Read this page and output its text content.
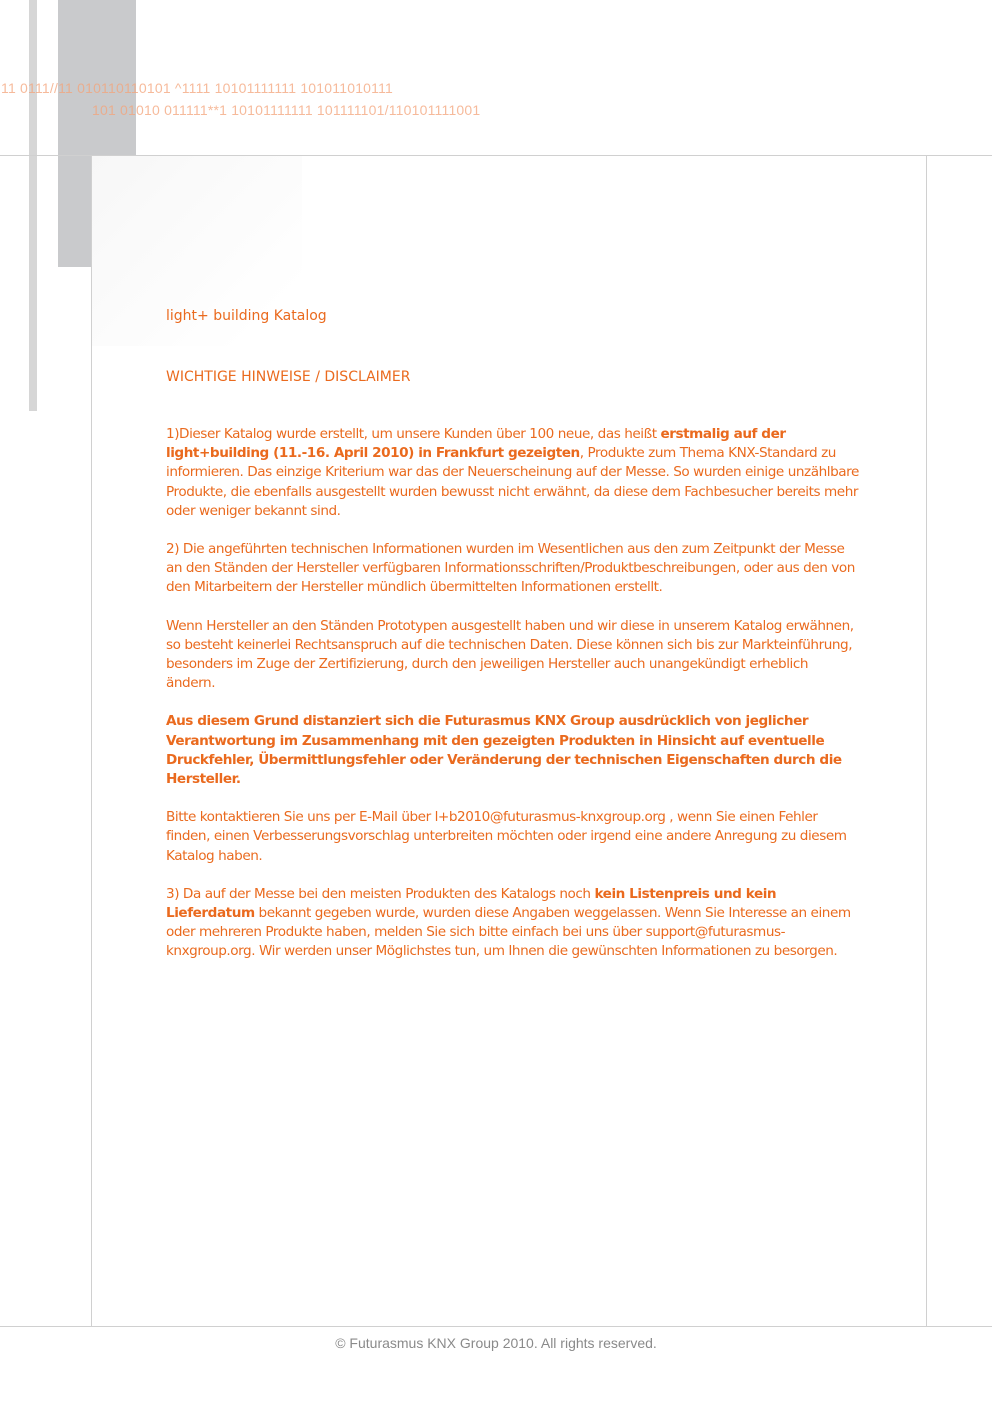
11 0111//11 010110110101 ^1111 10101111111 101011010111
101 01010 011111**1 10101111111 101111101/110101111001
light+ building Katalog
WICHTIGE HINWEISE / DISCLAIMER

1)Dieser Katalog wurde erstellt, um unsere Kunden über 100 neue, das heißt erstmalig auf der light+building (11.-16. April 2010) in Frankfurt gezeigten, Produkte zum Thema KNX-Standard zu informieren. Das einzige Kriterium war das der Neuerscheinung auf der Messe. So wurden einige unzählbare Produkte, die ebenfalls ausgestellt wurden bewusst nicht erwähnt, da diese dem Fachbesucher bereits mehr oder weniger bekannt sind.

2) Die angeführten technischen Informationen wurden im Wesentlichen aus den zum Zeitpunkt der Messe an den Ständen der Hersteller verfügbaren Informationsschriften/Produktbeschreibungen, oder aus den von den Mitarbeitern der Hersteller mündlich übermittelten Informationen erstellt.

Wenn Hersteller an den Ständen Prototypen ausgestellt haben und wir diese in unserem Katalog erwähnen, so besteht keinerlei Rechtsanspruch auf die technischen Daten. Diese können sich bis zur Markteinführung, besonders im Zuge der Zertifizierung, durch den jeweiligen Hersteller auch unangekündigt erheblich ändern.

Aus diesem Grund distanziert sich die Futurasmus KNX Group ausdrücklich von jeglicher Verantwortung im Zusammenhang mit den gezeigten Produkten in Hinsicht auf eventuelle Druckfehler, Übermittlungsfehler oder Veränderung der technischen Eigenschaften durch die Hersteller.

Bitte kontaktieren Sie uns per E-Mail über l+b2010@futurasmus-knxgroup.org , wenn Sie einen Fehler finden, einen Verbesserungsvorschlag unterbreiten möchten oder irgend eine andere Anregung zu diesem Katalog haben.

3) Da auf der Messe bei den meisten Produkten des Katalogs noch kein Listenpreis und kein Lieferdatum bekannt gegeben wurde, wurden diese Angaben weggelassen. Wenn Sie Interesse an einem oder mehreren Produkte haben, melden Sie sich bitte einfach bei uns über support@futurasmus-knxgroup.org. Wir werden unser Möglichstes tun, um Ihnen die gewünschten Informationen zu besorgen.

© Futurasmus KNX Group 2010. All rights reserved.
